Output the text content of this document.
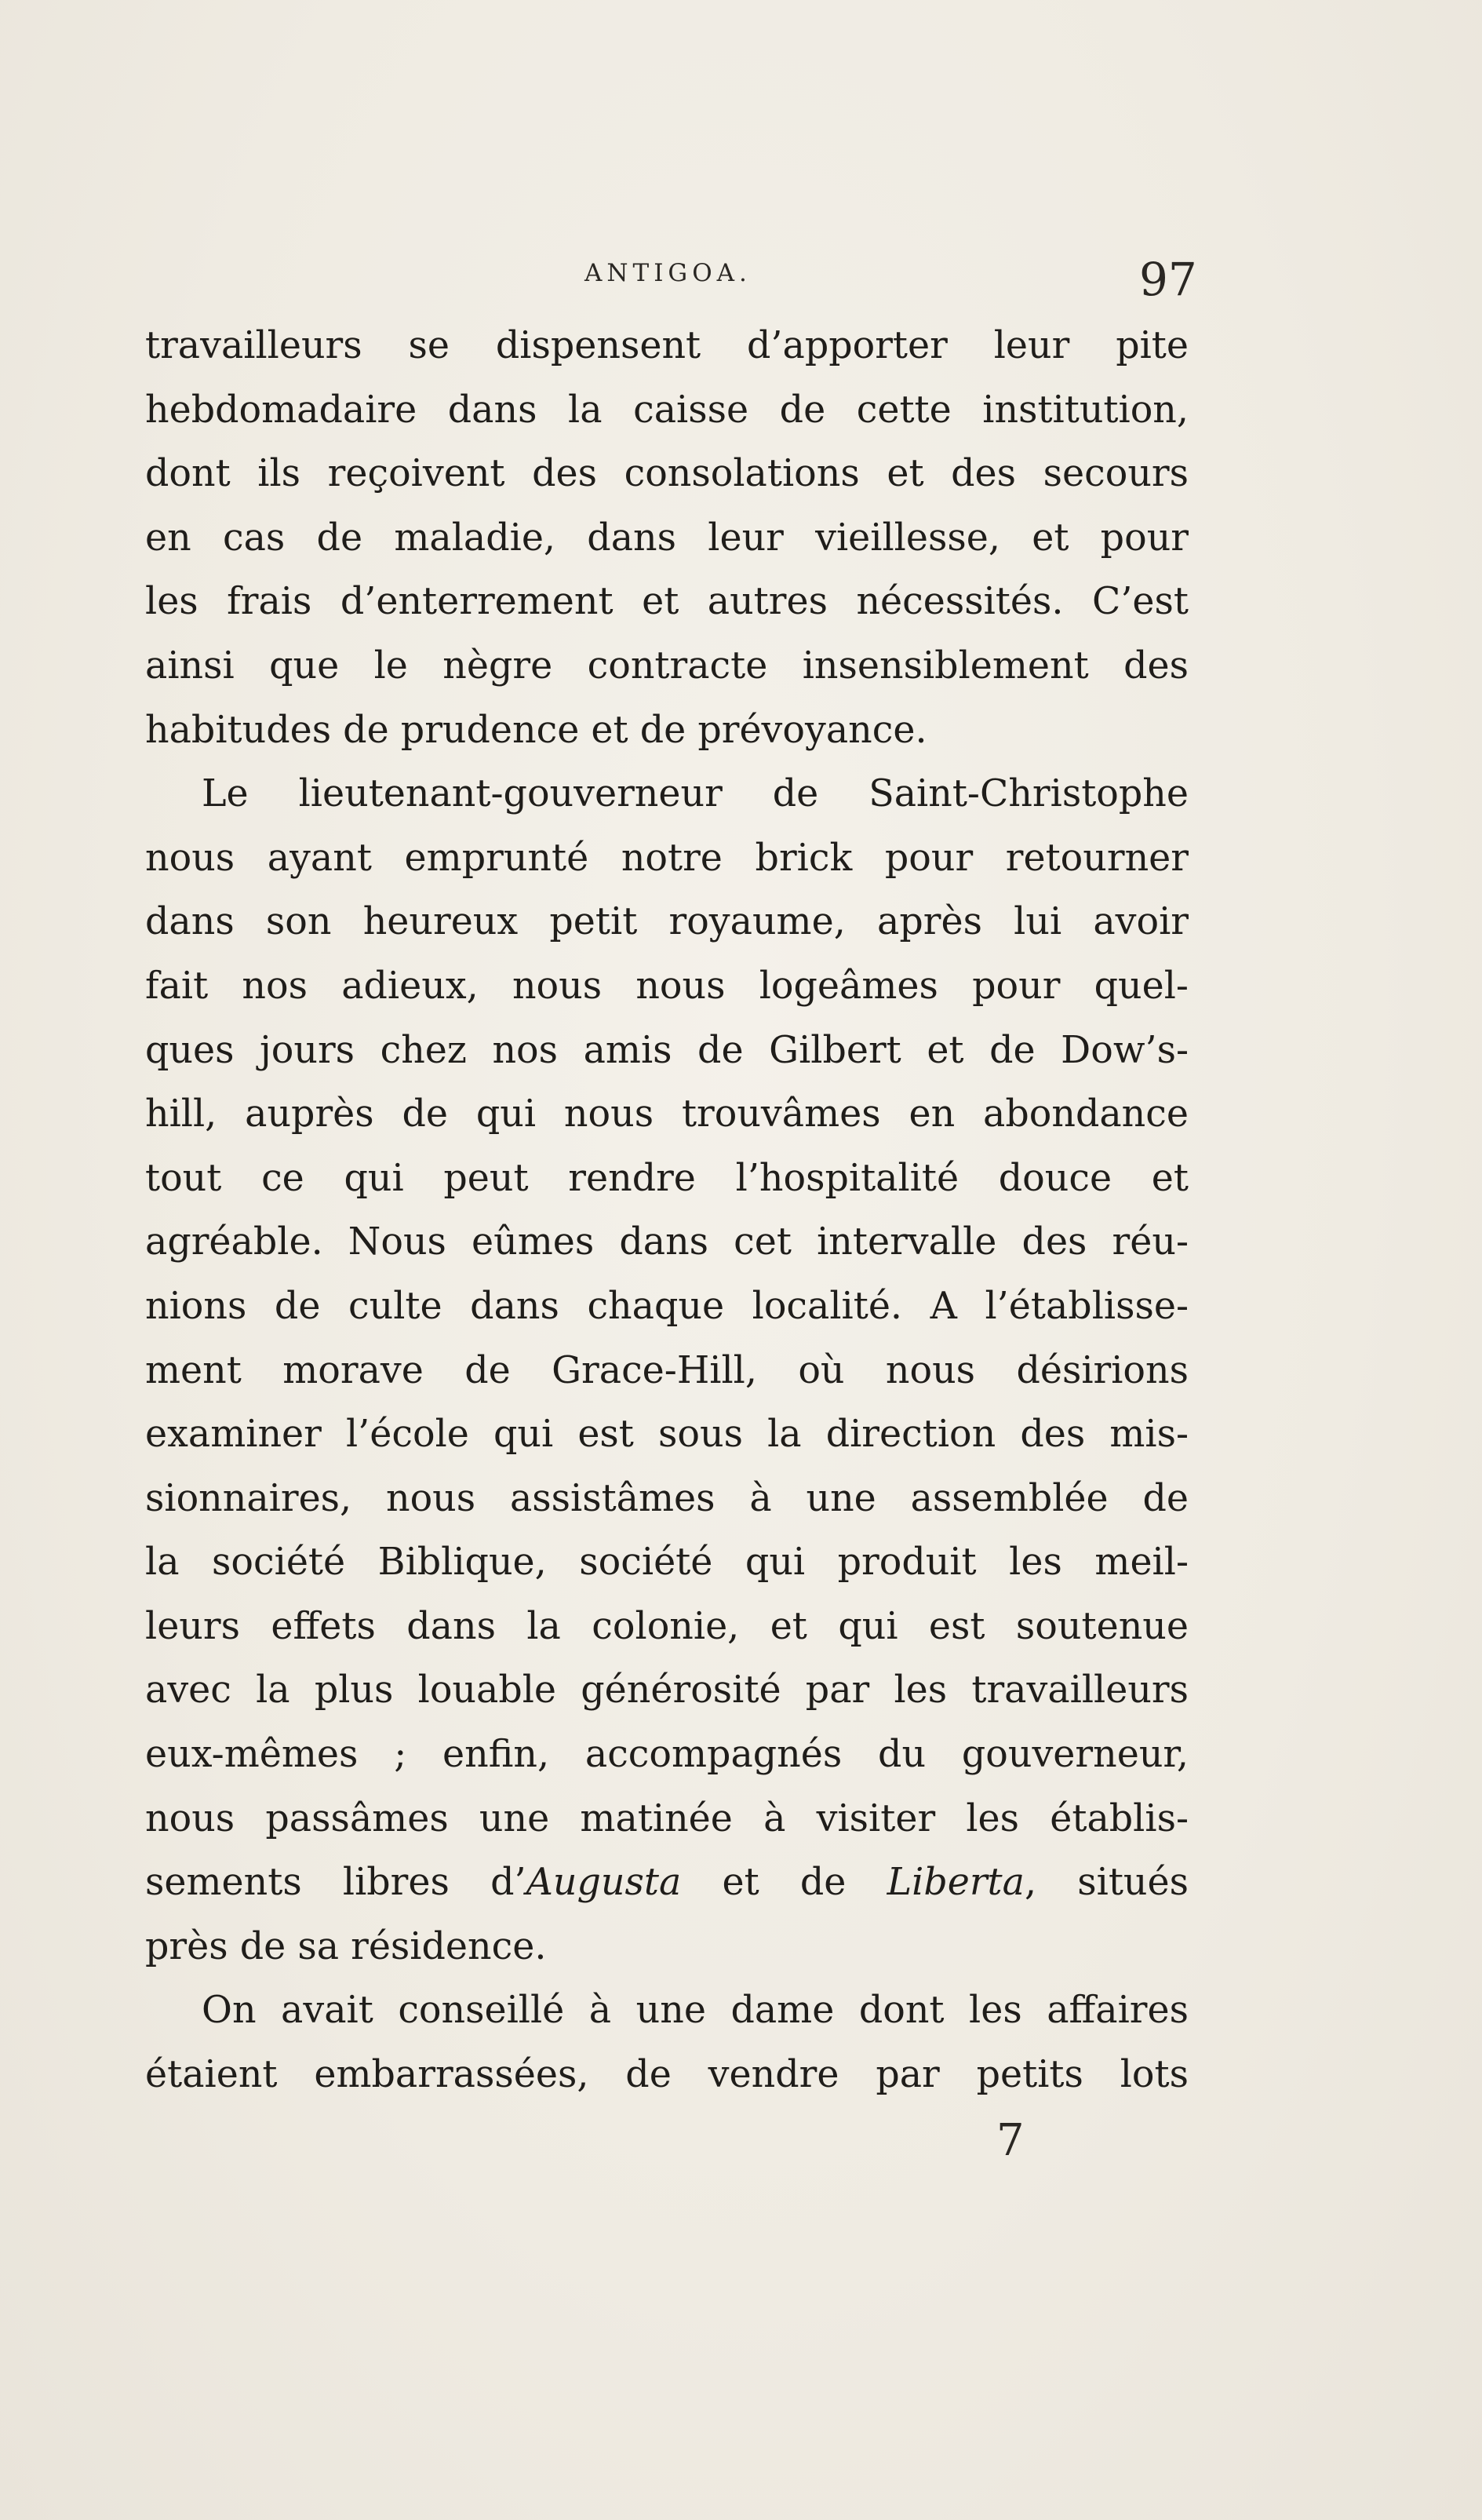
ANTIGOA.	97
travailleurs se dispensent d’apporter leur pite
hebdomadaire dans la caisse de cette institution,
dont ils reçoivent des consolations et des secours
en cas de maladie, dans leur vieillesse, et pour
les frais d’enterrement et autres nécessités. C’est
ainsi que le nègre contracte insensiblement des
habitudes de prudence et de prévoyance.
Le lieutenant-gouverneur de Saint-Christophe
nous ayant emprunté notre brick pour retourner
dans son heureux petit royaume, après lui avoir
fait nos adieux, nous nous logeâmes pour quel-
ques jours chez nos amis de Gilbert et de Dow’s-
hill, auprès de qui nous trouvâmes en abondance
tout ce qui peut rendre l’hospitalité douce et
agréable. Nous eûmes dans cet intervalle des réu-
nions de culte dans chaque localité. A l’établisse-
ment morave de Grace-Hill, où nous désirions
examiner l’école qui est sous la direction des mis-
sionnaires, nous assistâmes à une assemblée de
la société Biblique, société qui produit les meil-
leurs effets dans la colonie, et qui est soutenue
avec la plus louable générosité par les travailleurs
eux-mêmes ; enfin, accompagnés du gouverneur,
nous passâmes une matinée à visiter les établis-
sements libres d’Augusta et de Liberta, situés
près de sa résidence.
On avait conseillé à une dame dont les affaires
étaient embarrassées, de vendre par petits lots
7
